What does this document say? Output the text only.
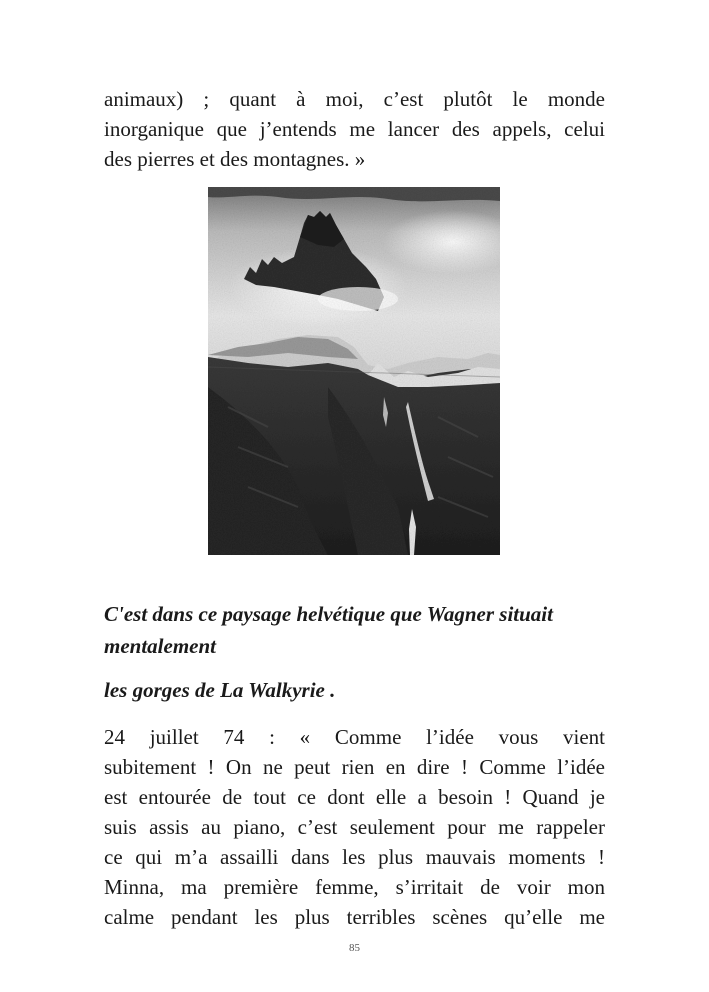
animaux) ; quant à moi, c’est plutôt le monde
inorganique que j’entends me lancer des appels, celui
des pierres et des montagnes. »

C'est dans ce paysage helvétique que Wagner situait
mentalement

les gorges de La Walkyrie .

24 juillet 74 : « Comme l’idée vous vient
subitement ! On ne peut rien en dire ! Comme l’idée
est entourée de tout ce dont elle a besoin ! Quand je
suis assis au piano, c’est seulement pour me rappeler
ce qui m’a assailli dans les plus mauvais moments !
Minna, ma première femme, s’irritait de voir mon
calme pendant les plus terribles scènes qu’elle me

85
